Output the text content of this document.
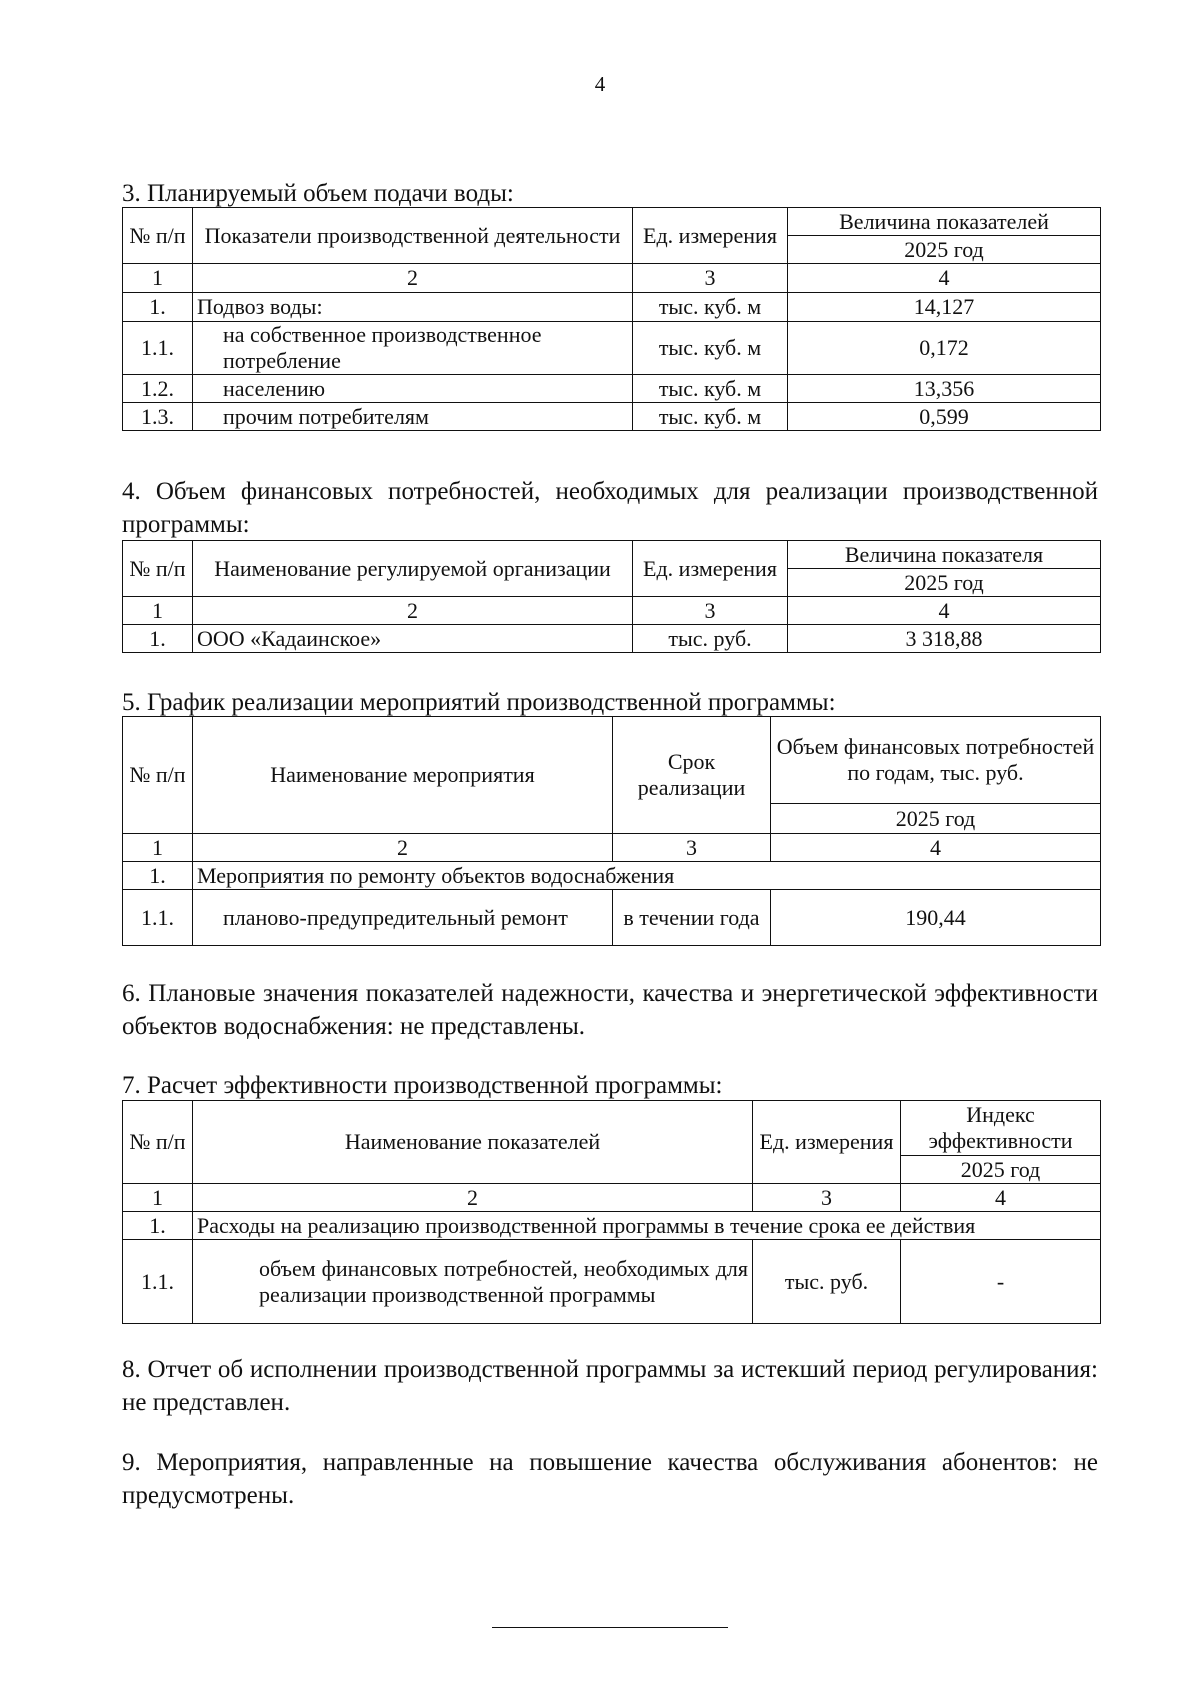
4
3. Планируемый объем подачи воды:
№ п/п	Показатели производственной деятельности	Ед. измерения	Величина показателей
			2025 год
1	2	3	4
1.	Подвоз воды:	тыс. куб. м	14,127
1.1.	на собственное производственное потребление	тыс. куб. м	0,172
1.2.	населению	тыс. куб. м	13,356
1.3.	прочим потребителям	тыс. куб. м	0,599
4. Объем финансовых потребностей, необходимых для реализации производственной программы:
№ п/п	Наименование регулируемой организации	Ед. измерения	Величина показателя
			2025 год
1	2	3	4
1.	ООО «Кадаинское»	тыс. руб.	3 318,88
5. График реализации мероприятий производственной программы:
№ п/п	Наименование мероприятия	Срок реализации	Объем финансовых потребностей по годам, тыс. руб.
			2025 год
1	2	3	4
1.	Мероприятия по ремонту объектов водоснабжения		
1.1.	планово-предупредительный ремонт	в течении года	190,44
6. Плановые значения показателей надежности, качества и энергетической эффективности объектов водоснабжения: не представлены.
7. Расчет эффективности производственной программы:
№ п/п	Наименование показателей	Ед. измерения	Индекс эффективности
			2025 год
1	2	3	4
1.	Расходы на реализацию производственной программы в течение срока ее действия		
1.1.	объем финансовых потребностей, необходимых для реализации производственной программы	тыс. руб.	-
8. Отчет об исполнении производственной программы за истекший период регулирования: не представлен.
9. Мероприятия, направленные на повышение качества обслуживания абонентов: не предусмотрены.
